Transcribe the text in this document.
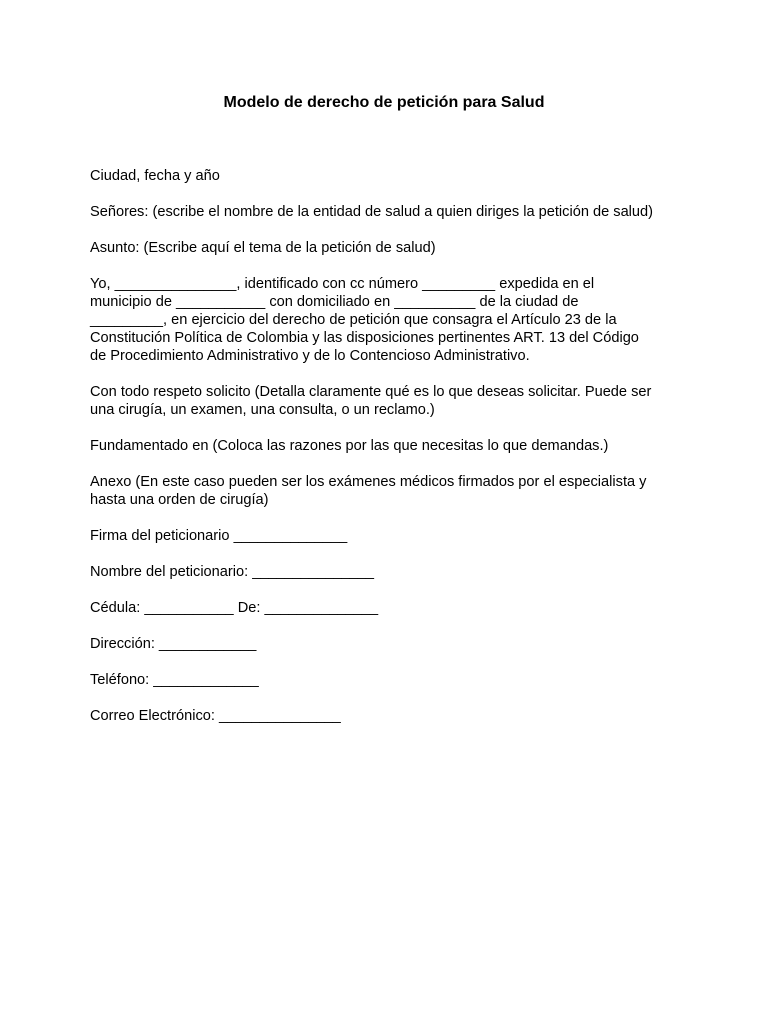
Modelo de derecho de petición para Salud

Ciudad, fecha y año

Señores: (escribe el nombre de la entidad de salud a quien diriges la petición de salud)

Asunto: (Escribe aquí el tema de la petición de salud)

Yo, _______________, identificado con cc número _________ expedida en el
municipio de ___________ con domiciliado en __________ de la ciudad de
_________, en ejercicio del derecho de petición que consagra el Artículo 23 de la
Constitución Política de Colombia y las disposiciones pertinentes ART. 13 del Código
de Procedimiento Administrativo y de lo Contencioso Administrativo.

Con todo respeto solicito (Detalla claramente qué es lo que deseas solicitar. Puede ser
una cirugía, un examen, una consulta, o un reclamo.)

Fundamentado en (Coloca las razones por las que necesitas lo que demandas.)

Anexo (En este caso pueden ser los exámenes médicos firmados por el especialista y
hasta una orden de cirugía)

Firma del peticionario ______________

Nombre del peticionario: _______________

Cédula: ___________ De: ______________

Dirección: ____________

Teléfono: _____________

Correo Electrónico: _______________
